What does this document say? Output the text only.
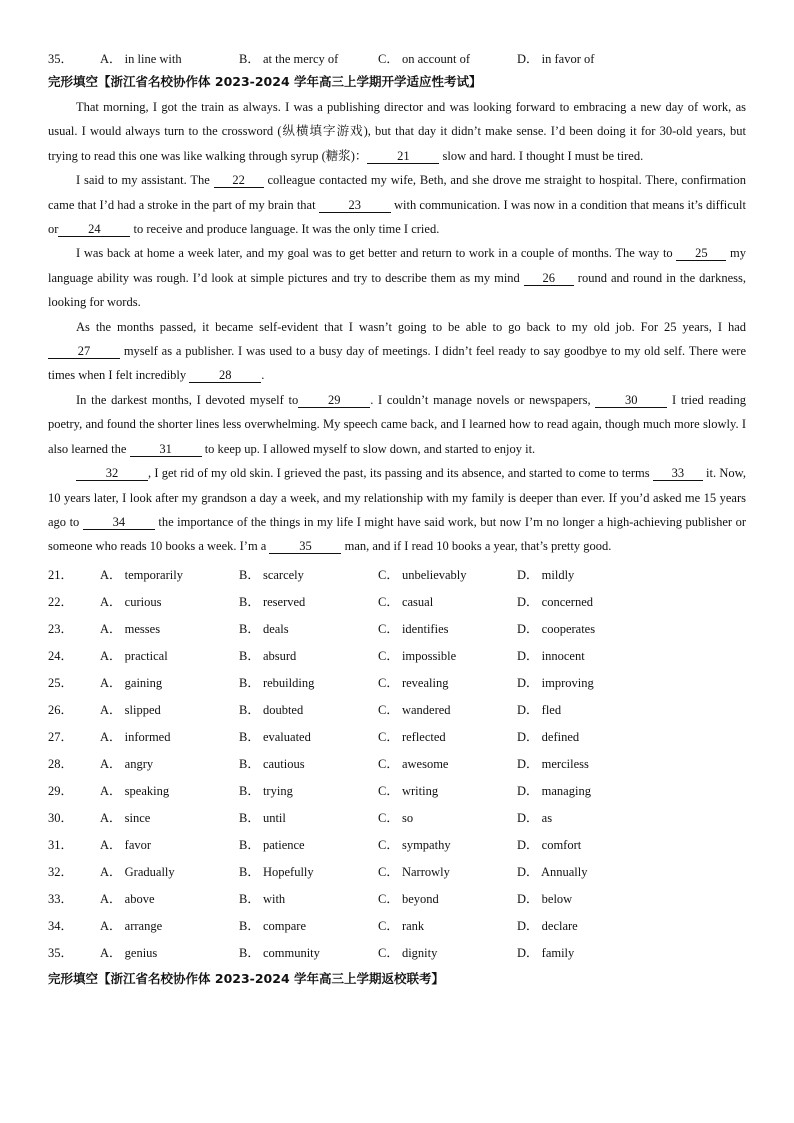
35．	A． in line with	B． at the mercy of	C． on account of	D． in favor of
完形填空【浙江省名校协作体 2023-2024 学年高三上学期开学适应性考试】

That morning, I got the train as always. I was a publishing director and was looking forward to embracing a new day of work, as usual. I would always turn to the crossword (纵横填字游戏), but that day it didn’t make sense. I’d been doing it for 30-old years, but trying to read this one was like walking through syrup (糖浆)： 21 slow and hard. I thought I must be tired.

I said to my assistant. The 22 colleague contacted my wife, Beth, and she drove me straight to hospital. There, confirmation came that I’d had a stroke in the part of my brain that 23 with communication. I was now in a condition that means it’s difficult or 24 to receive and produce language. It was the only time I cried.

I was back at home a week later, and my goal was to get better and return to work in a couple of months. The way to 25 my language ability was rough. I’d look at simple pictures and try to describe them as my mind 26 round and round in the darkness, looking for words.

As the months passed, it became self-evident that I wasn’t going to be able to go back to my old job. For 25 years, I had 27 myself as a publisher. I was used to a busy day of meetings. I didn’t feel ready to say goodbye to my old self. There were times when I felt incredibly 28 .

In the darkest months, I devoted myself to 29 . I couldn’t manage novels or newspapers, 30 I tried reading poetry, and found the shorter lines less overwhelming. My speech came back, and I learned how to read again, though much more slowly. I also learned the 31 to keep up. I allowed myself to slow down, and started to enjoy it.

32 , I get rid of my old skin. I grieved the past, its passing and its absence, and started to come to terms 33 it. Now, 10 years later, I look after my grandson a day a week, and my relationship with my family is deeper than ever. If you’d asked me 15 years ago to 34 the importance of the things in my life I might have said work, but now I’m no longer a high-achieving publisher or someone who reads 10 books a week. I’m a 35 man, and if I read 10 books a year, that’s pretty good.

21．	A． temporarily	B． scarcely	C． unbelievably	D． mildly
22．	A． curious	B． reserved	C． casual	D． concerned
23．	A． messes	B． deals	C． identifies	D． cooperates
24．	A． practical	B． absurd	C． impossible	D． innocent
25．	A． gaining	B． rebuilding	C． revealing	D． improving
26．	A． slipped	B． doubted	C． wandered	D． fled
27．	A． informed	B． evaluated	C． reflected	D． defined
28．	A． angry	B． cautious	C． awesome	D． merciless
29．	A． speaking	B． trying	C． writing	D． managing
30．	A． since	B． until	C． so	D． as
31．	A． favor	B． patience	C． sympathy	D． comfort
32．	A． Gradually	B． Hopefully	C． Narrowly	D． Annually
33．	A． above	B． with	C． beyond	D． below
34．	A． arrange	B． compare	C． rank	D． declare
35．	A． genius	B． community	C． dignity	D． family
完形填空【浙江省名校协作体 2023-2024 学年高三上学期返校联考】
